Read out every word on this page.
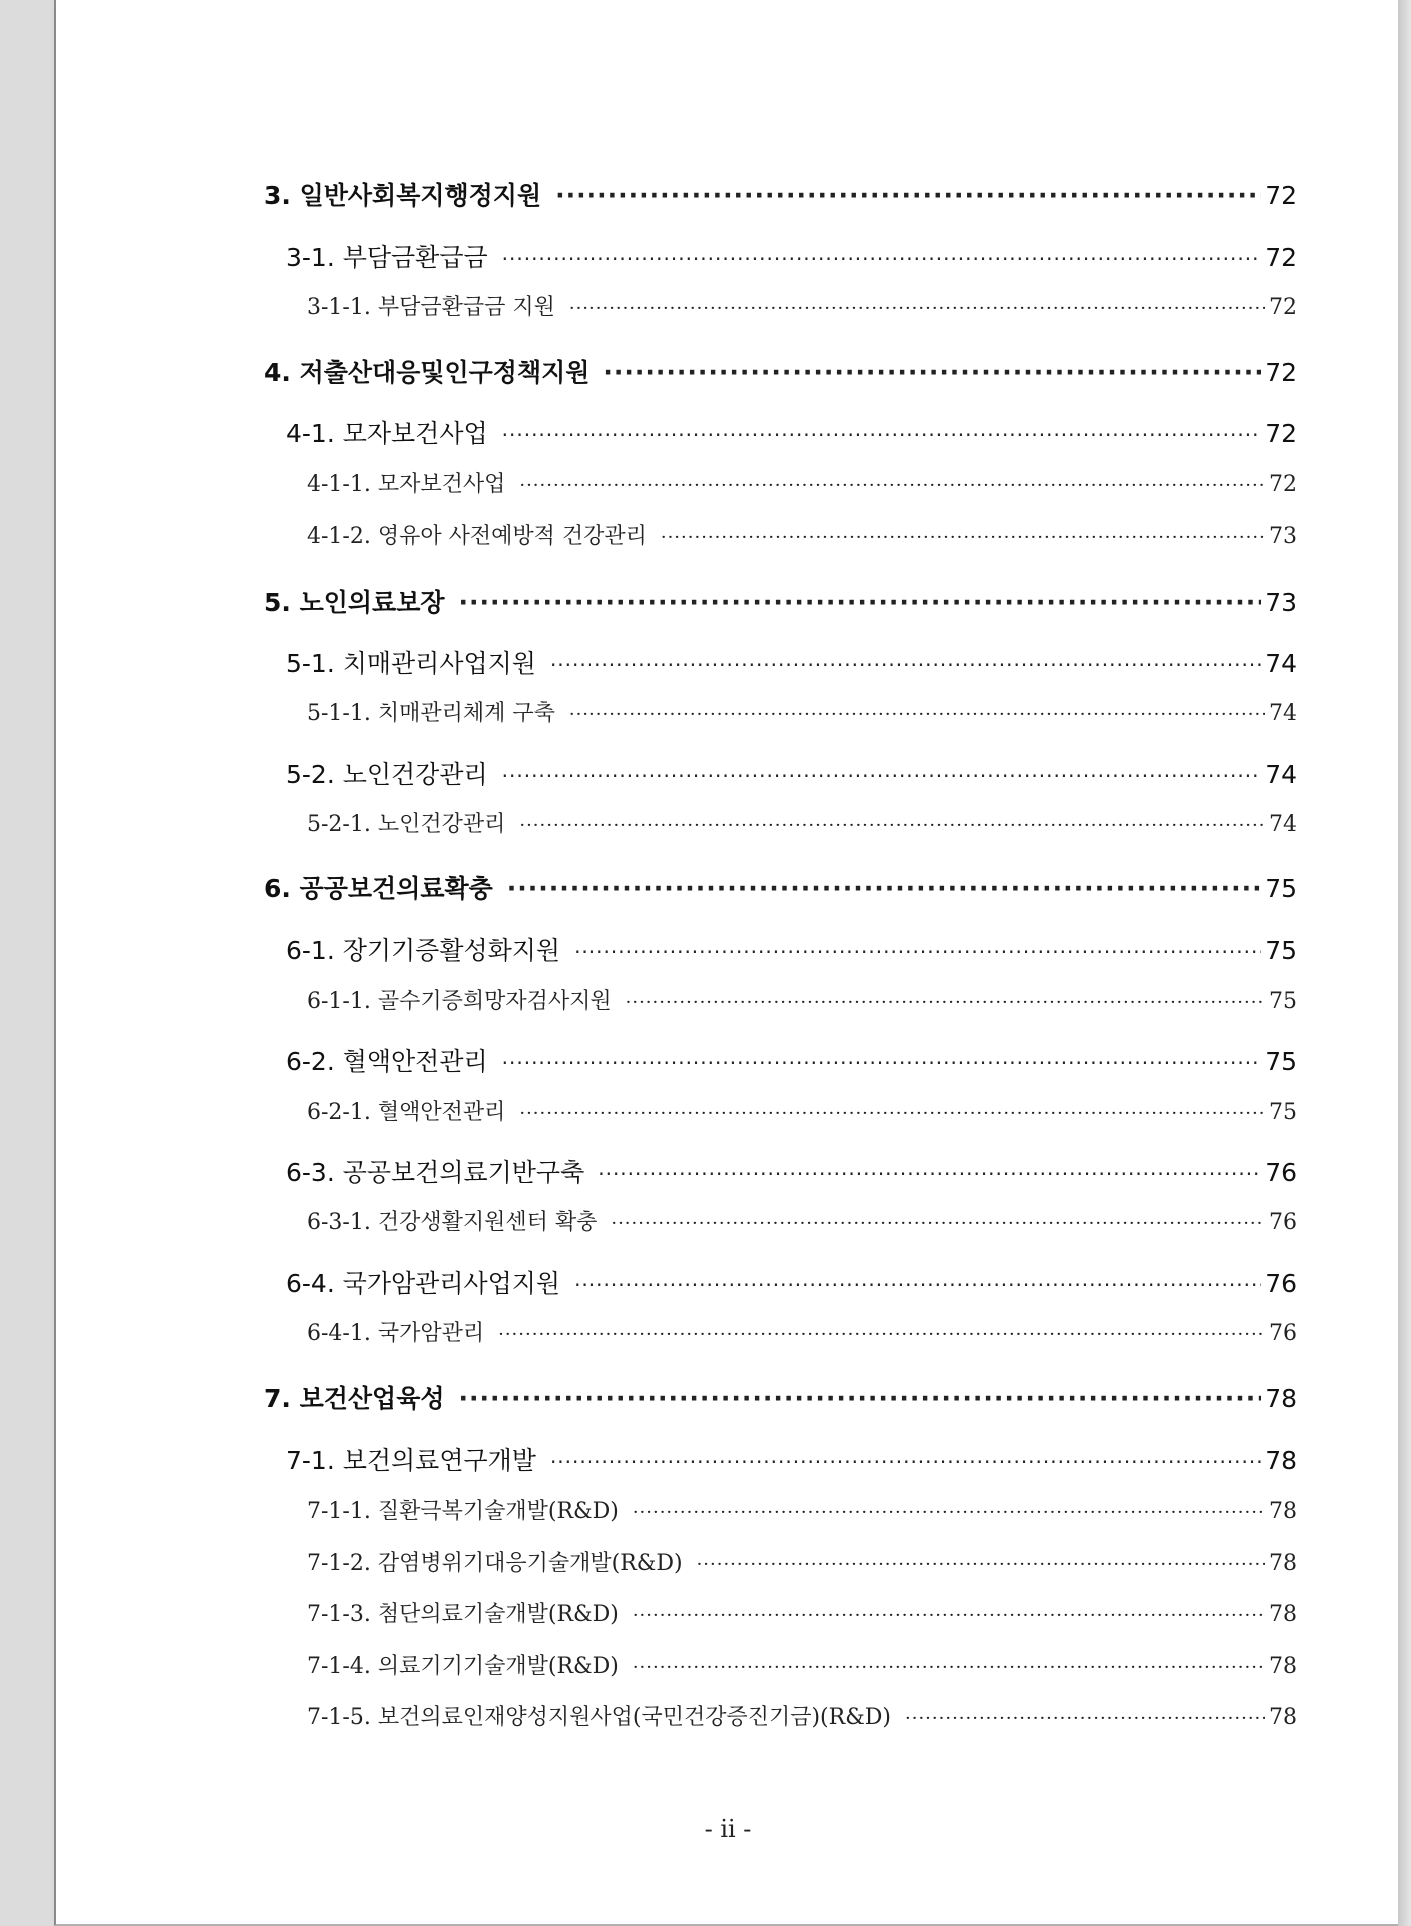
3. 일반사회복지행정지원 ·····	72
3-1. 부담금환급금 ·····	72
3-1-1. 부담금환급금 지원 ·····	72
4. 저출산대응및인구정책지원 ·····	72
4-1. 모자보건사업 ·····	72
4-1-1. 모자보건사업 ·····	72
4-1-2. 영유아 사전예방적 건강관리 ·····	73
5. 노인의료보장 ·····	73
5-1. 치매관리사업지원 ·····	74
5-1-1. 치매관리체계 구축 ·····	74
5-2. 노인건강관리 ·····	74
5-2-1. 노인건강관리 ·····	74
6. 공공보건의료확충 ·····	75
6-1. 장기기증활성화지원 ·····	75
6-1-1. 골수기증희망자검사지원 ·····	75
6-2. 혈액안전관리 ·····	75
6-2-1. 혈액안전관리 ·····	75
6-3. 공공보건의료기반구축 ·····	76
6-3-1. 건강생활지원센터 확충 ·····	76
6-4. 국가암관리사업지원 ·····	76
6-4-1. 국가암관리 ·····	76
7. 보건산업육성 ·····	78
7-1. 보건의료연구개발 ·····	78
7-1-1. 질환극복기술개발(R&D) ·····	78
7-1-2. 감염병위기대응기술개발(R&D) ·····	78
7-1-3. 첨단의료기술개발(R&D) ·····	78
7-1-4. 의료기기기술개발(R&D) ·····	78
7-1-5. 보건의료인재양성지원사업(국민건강증진기금)(R&D) ·····	78
- ii -
